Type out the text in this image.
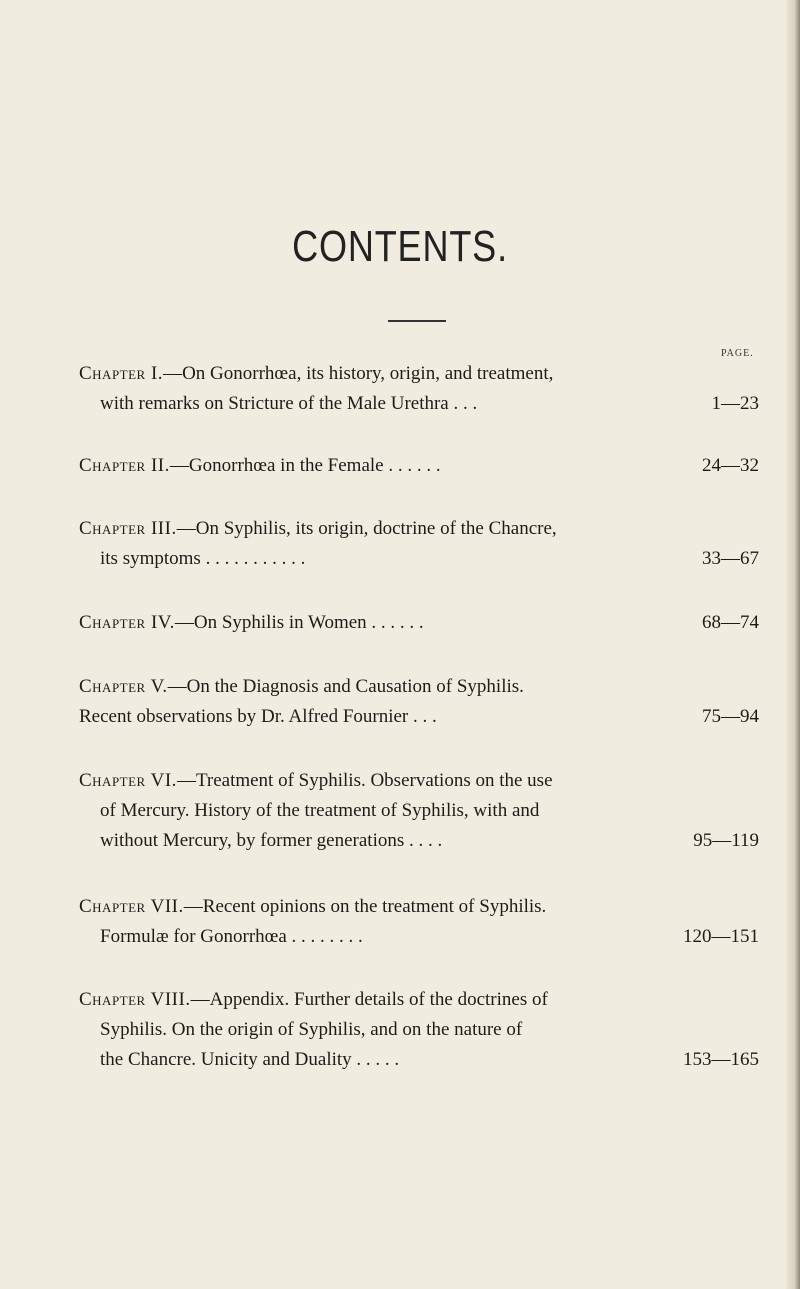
CONTENTS.
PAGE.
Chapter I.—On Gonorrhœa, its history, origin, and treatment,
with remarks on Stricture of the Male Urethra . . .	1—23
Chapter II.—Gonorrhœa in the Female . . . . . .	24—32
Chapter III.—On Syphilis, its origin, doctrine of the Chancre,
its symptoms . . . . . . . . . . .	33—67
Chapter IV.—On Syphilis in Women . . . . . .	68—74
Chapter V.—On the Diagnosis and Causation of Syphilis.
Recent observations by Dr. Alfred Fournier . . .	75—94
Chapter VI.—Treatment of Syphilis. Observations on the use
of Mercury. History of the treatment of Syphilis, with and
without Mercury, by former generations . . . .	95—119
Chapter VII.—Recent opinions on the treatment of Syphilis.
Formulæ for Gonorrhœa . . . . . . . .	120—151
Chapter VIII.—Appendix. Further details of the doctrines of
Syphilis. On the origin of Syphilis, and on the nature of
the Chancre. Unicity and Duality . . . . .	153—165
